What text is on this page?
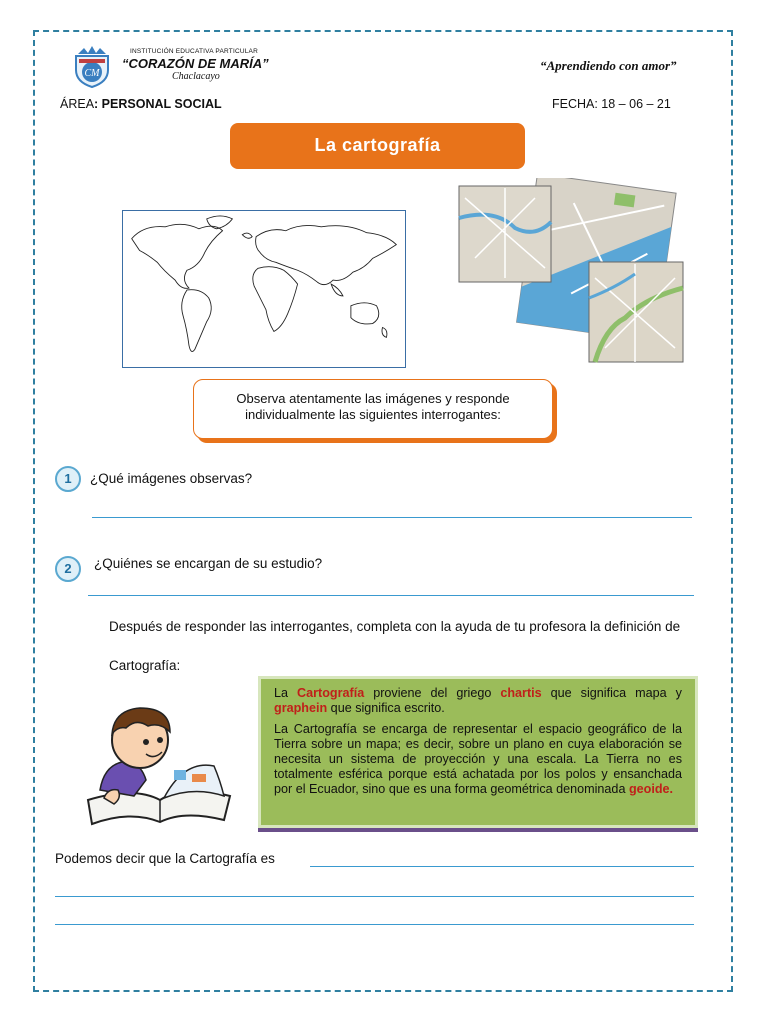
CM
INSTITUCIÓN EDUCATIVA PARTICULAR
“CORAZÓN DE MARÍA”
Chaclacayo
“Aprendiendo con amor”
ÁREA: PERSONAL SOCIAL	FECHA: 18 – 06 – 21
La cartografía
Observa atentamente las imágenes y responde
individualmente las siguientes interrogantes:
1	¿Qué imágenes observas?
2	¿Quiénes se encargan de su estudio?
Después de responder las interrogantes, completa con la ayuda de tu profesora la definición de
Cartografía:

La Cartografía proviene del griego chartis que significa mapa y graphein que significa escrito.

La Cartografía se encarga de representar el espacio geográfico de la Tierra sobre un mapa; es decir, sobre un plano en cuya elaboración se necesita un sistema de proyección y una escala. La Tierra no es totalmente esférica porque está achatada por los polos y ensanchada por el Ecuador, sino que es una forma geométrica denominada geoide.

Podemos decir que la Cartografía es
